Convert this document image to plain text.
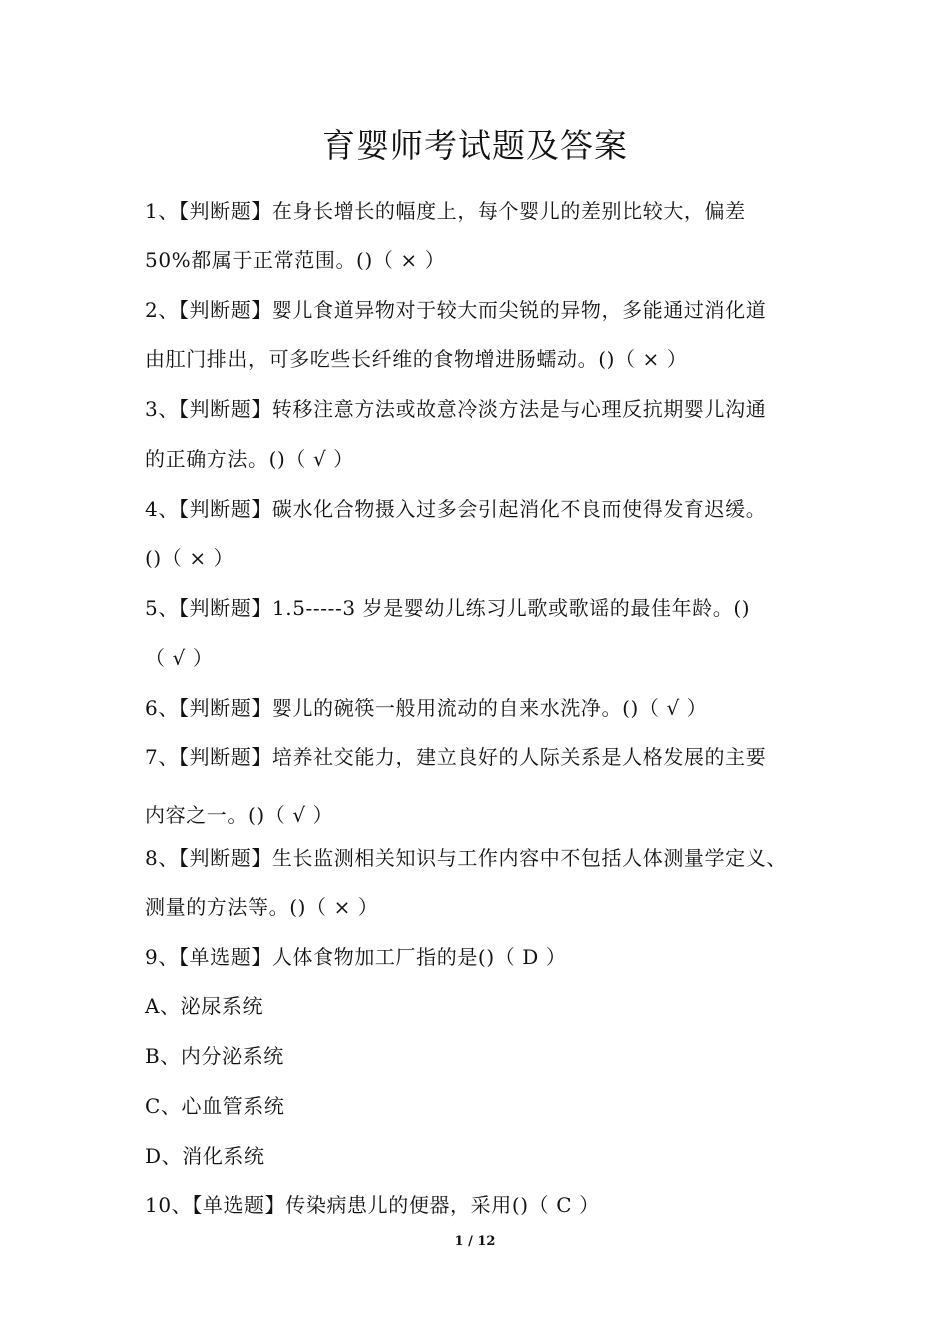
育婴师考试题及答案
1、【判断题】在身长增长的幅度上，每个婴儿的差别比较大，偏差
50%都属于正常范围。()（ × ）
2、【判断题】婴儿食道异物对于较大而尖锐的异物，多能通过消化道
由肛门排出，可多吃些长纤维的食物增进肠蠕动。()（ × ）
3、【判断题】转移注意方法或故意冷淡方法是与心理反抗期婴儿沟通
的正确方法。()（ √ ）
4、【判断题】碳水化合物摄入过多会引起消化不良而使得发育迟缓。
()（ × ）
5、【判断题】1.5-----3 岁是婴幼儿练习儿歌或歌谣的最佳年龄。()
（ √ ）
6、【判断题】婴儿的碗筷一般用流动的自来水洗净。()（ √ ）
7、【判断题】培养社交能力，建立良好的人际关系是人格发展的主要
内容之一。()（ √ ）
8、【判断题】生长监测相关知识与工作内容中不包括人体测量学定义、
测量的方法等。()（ × ）
9、【单选题】人体食物加工厂指的是()（ D ）
A、泌尿系统
B、内分泌系统
C、心血管系统
D、消化系统
10、【单选题】传染病患儿的便器，采用()（ C ）
1 / 12
